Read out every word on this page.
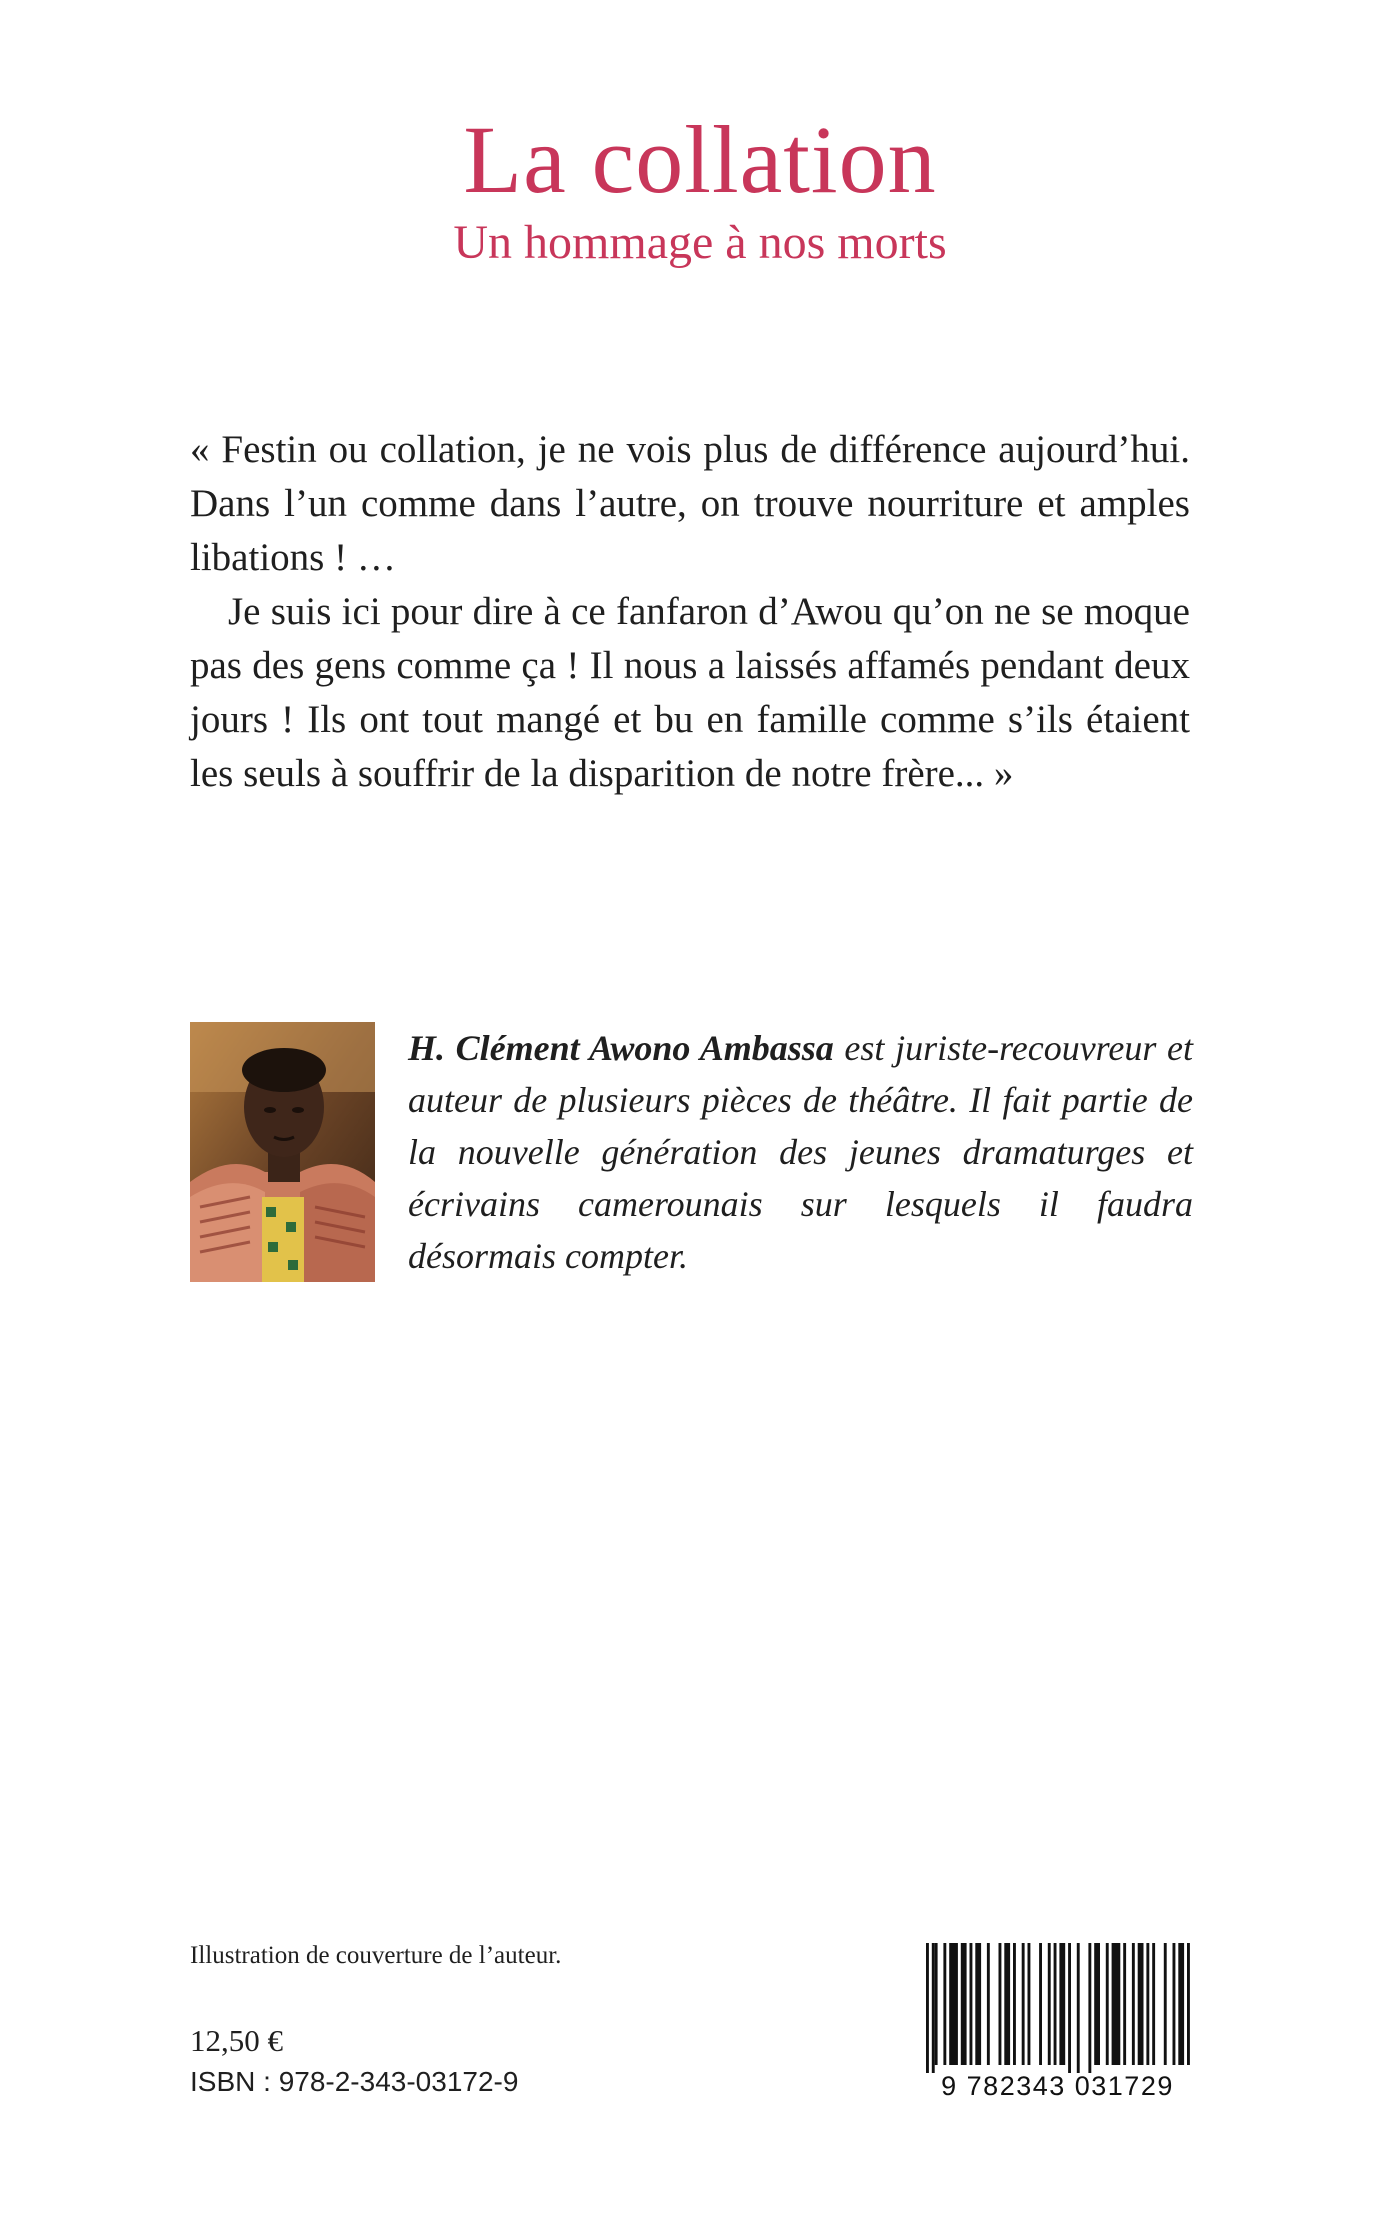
La collation
Un hommage à nos morts

« Festin ou collation, je ne vois plus de différence aujourd’hui. Dans l’un comme dans l’autre, on trouve nourriture et amples libations ! …

Je suis ici pour dire à ce fanfaron d’Awou qu’on ne se moque pas des gens comme ça ! Il nous a laissés affamés pendant deux jours ! Ils ont tout mangé et bu en famille comme s’ils étaient les seuls à souffrir de la disparition de notre frère... »

H. Clément Awono Ambassa est juriste-recouvreur et auteur de plusieurs pièces de théâtre. Il fait partie de la nouvelle génération des jeunes dramaturges et écrivains camerounais sur lesquels il faudra désormais compter.

Illustration de couverture de l’auteur.
12,50 €
ISBN : 978-2-343-03172-9	9 782343 031729
